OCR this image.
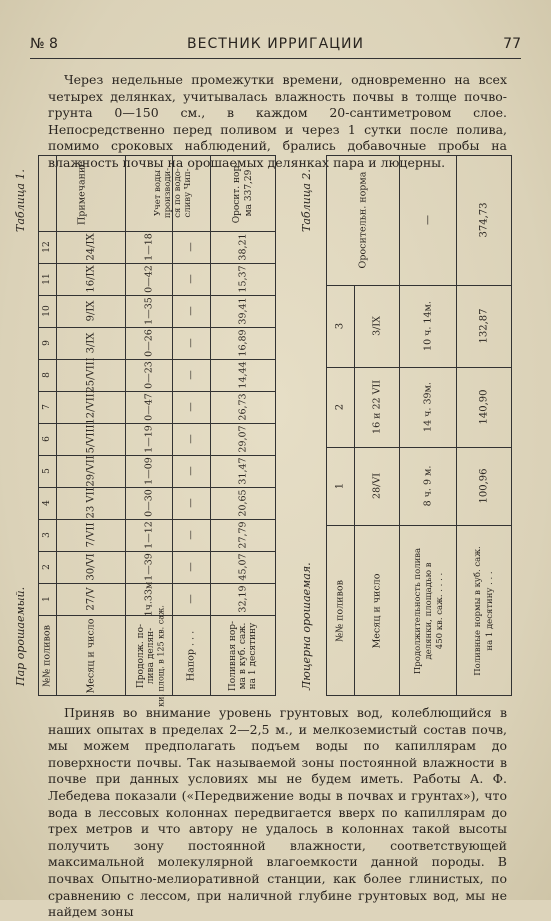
№ 8	ВЕСТНИК ИРРИГАЦИИ	77
Через недельные промежутки времени, одновременно на всех четырех делянках, учитывалась влажность почвы в толще почво-грунта 0—150 см., в каждом 20-сантиметровом слое. Непосредственно перед поливом и через 1 сутки после полива, помимо сроковых наблюдений, брались добавочные пробы на влажность почвы на орошаемых делянках пара и люцерны.
Таблица 1.
Пар орошаемый. №№ поливов	Месяц и число	Продолж. по- лива делян- ки, площ. в 125 кв. саж. Напор . . .	Поливная нор- ма в куб. саж. на 1 десятину
Примечание	Учет воды производи- ся по водо- сливу Чип-	Оросит. нор- ма 337,29
1	27/V	1ч.33м	—	32,19
2	30/VI	1—39	—	45,07
3	7/VII	1—12	—	27,79
4	23 VII	0—30	—	20,65
5	29/VII	1—09	—	31,47
6	5/VIII	1—19	—	29,07
7	12/VIII	0—47	—	26,73
8	25/VIII	0—23	—	14,44
9	3/IX	0—26	—	16,89
10	9/IX	1—35	—	39,41
11	16/IX	0—42	—	15,37
12	24/IX	1—18	—	38,21
Таблица 2.
Люцерна орошаемая. №№ поливов	Месяц и число	Продолжительность полива делянки, площадью в 450 кв. саж. . . . .	Поливные нормы в куб. саж. на 1 десятину . . .
Оросительн. норма	—	374,73
1	28/VI	8 ч. 9 м.	100,96
2	16 и 22 VII	14 ч. 39м.	140,90
3	3/IX	10 ч. 14м.	132,87
Приняв во внимание уровень грунтовых вод, колеблющийся в наших опытах в пределах 2—2,5 м., и мелкоземистый состав почв, мы можем предполагать подъем воды по капиллярам до поверхности почвы. Так называемой зоны постоянной влажности в почве при данных условиях мы не будем иметь. Работы А. Ф. Лебедева показали («Передвижение воды в почвах и грунтах»), что вода в лессовых колоннах передвигается вверх по капиллярам до трех метров и что автору не удалось в колоннах такой высоты получить зону постоянной влажности, соответствующей максимальной молекулярной влагоемкости данной породы. В почвах Опытно-мелиоративной станции, как более глинистых, по сравнению с лессом, при наличной глубине грунтовых вод, мы не найдем зоны
